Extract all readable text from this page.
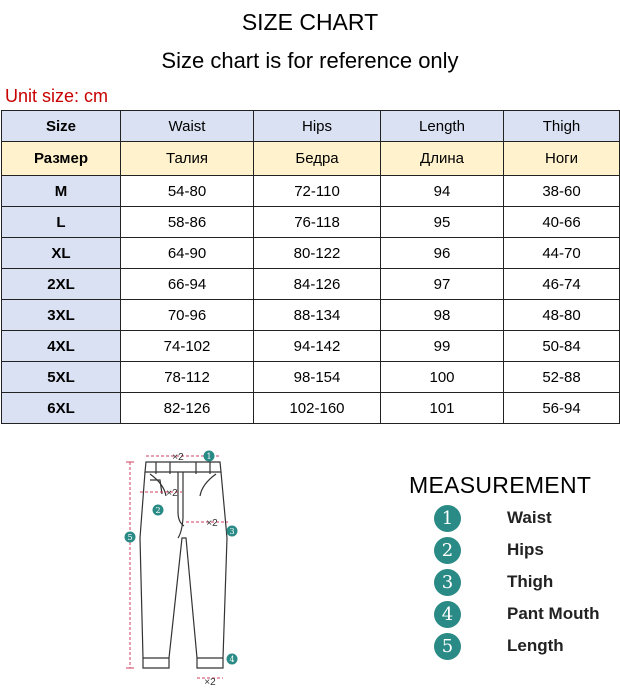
SIZE CHART
Size chart is for reference only
Unit size: cm
Size	Waist	Hips	Length	Thigh
Размер	Талия	Бедра	Длина	Ноги
M	54-80	72-110	94	38-60
L	58-86	76-118	95	40-66
XL	64-90	80-122	96	44-70
2XL	66-94	84-126	97	46-74
3XL	70-96	88-134	98	48-80
4XL	74-102	94-142	99	50-84
5XL	78-112	98-154	100	52-88
6XL	82-126	102-160	101	56-94
×2
×2
×2
×2
1
2
3
4
5
MEASUREMENT
1	Waist
2	Hips
3	Thigh
4	Pant Mouth
5	Length
